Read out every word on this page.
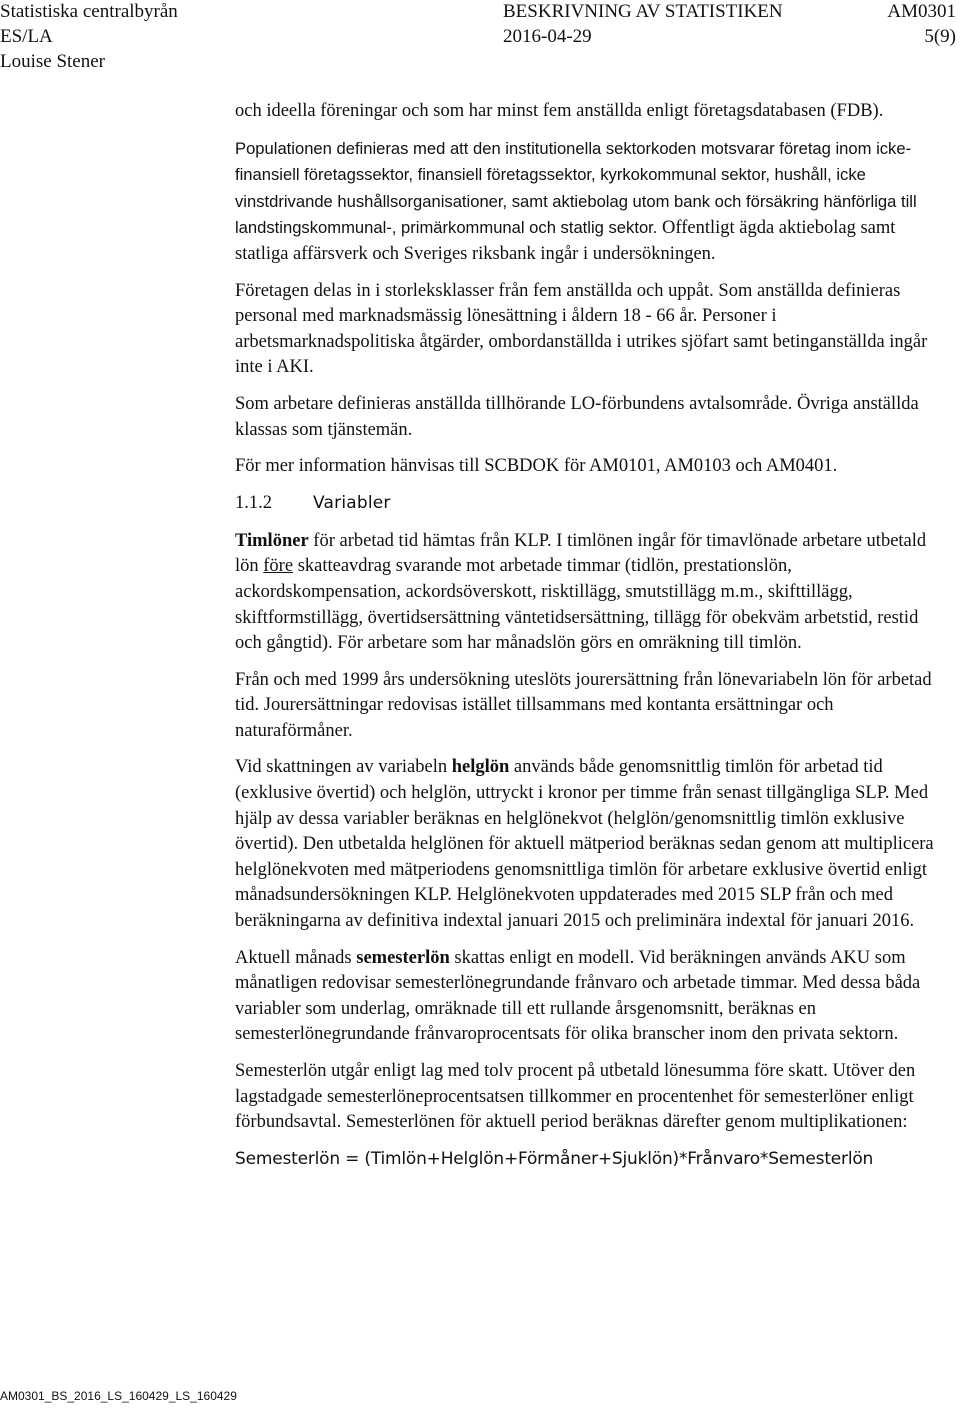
Statistiska centralbyrån
ES/LA
Louise Stener
BESKRIVNING AV STATISTIKEN
2016-04-29
AM0301
5(9)

och ideella föreningar och som har minst fem anställda enligt företagsdatabasen (FDB).

Populationen definieras med att den institutionella sektorkoden motsvarar företag inom icke-finansiell företagssektor, finansiell företagssektor, kyrkokommunal sektor, hushåll, icke vinstdrivande hushållsorganisationer, samt aktiebolag utom bank och försäkring hänförliga till landstingskommunal-, primärkommunal och statlig sektor. Offentligt ägda aktiebolag samt statliga affärsverk och Sveriges riksbank ingår i undersökningen.

Företagen delas in i storleksklasser från fem anställda och uppåt. Som anställda definieras personal med marknadsmässig lönesättning i åldern 18 - 66 år. Personer i arbetsmarknadspolitiska åtgärder, ombordanställda i utrikes sjöfart samt betinganställda ingår inte i AKI.

Som arbetare definieras anställda tillhörande LO-förbundens avtalsområde. Övriga anställda klassas som tjänstemän.

För mer information hänvisas till SCBDOK för AM0101, AM0103 och AM0401.

1.1.2 Variabler

Timlöner för arbetad tid hämtas från KLP. I timlönen ingår för timavlönade arbetare utbetald lön före skatteavdrag svarande mot arbetade timmar (tidlön, prestationslön, ackordskompensation, ackordsöverskott, risktillägg, smutstillägg m.m., skifttillägg, skiftformstillägg, övertidsersättning väntetidsersättning, tillägg för obekväm arbetstid, restid och gångtid). För arbetare som har månadslön görs en omräkning till timlön.

Från och med 1999 års undersökning uteslöts jourersättning från lönevariabeln lön för arbetad tid. Jourersättningar redovisas istället tillsammans med kontanta ersättningar och naturaförmåner.

Vid skattningen av variabeln helglön används både genomsnittlig timlön för arbetad tid (exklusive övertid) och helglön, uttryckt i kronor per timme från senast tillgängliga SLP. Med hjälp av dessa variabler beräknas en helglönekvot (helglön/genomsnittlig timlön exklusive övertid). Den utbetalda helglönen för aktuell mätperiod beräknas sedan genom att multiplicera helglönekvoten med mätperiodens genomsnittliga timlön för arbetare exklusive övertid enligt månadsundersökningen KLP. Helglönekvoten uppdaterades med 2015 SLP från och med beräkningarna av definitiva indextal januari 2015 och preliminära indextal för januari 2016.

Aktuell månads semesterlön skattas enligt en modell. Vid beräkningen används AKU som månatligen redovisar semesterlönegrundande frånvaro och arbetade timmar. Med dessa båda variabler som underlag, omräknade till ett rullande årsgenomsnitt, beräknas en semesterlönegrundande frånvaroprocentsats för olika branscher inom den privata sektorn.

Semesterlön utgår enligt lag med tolv procent på utbetald lönesumma före skatt. Utöver den lagstadgade semesterlöneprocentsatsen tillkommer en procentenhet för semesterlöner enligt förbundsavtal. Semesterlönen för aktuell period beräknas därefter genom multiplikationen:

Semesterlön = (Timlön+Helglön+Förmåner+Sjuklön)*Frånvaro*Semesterlön

AM0301_BS_2016_LS_160429_LS_160429
